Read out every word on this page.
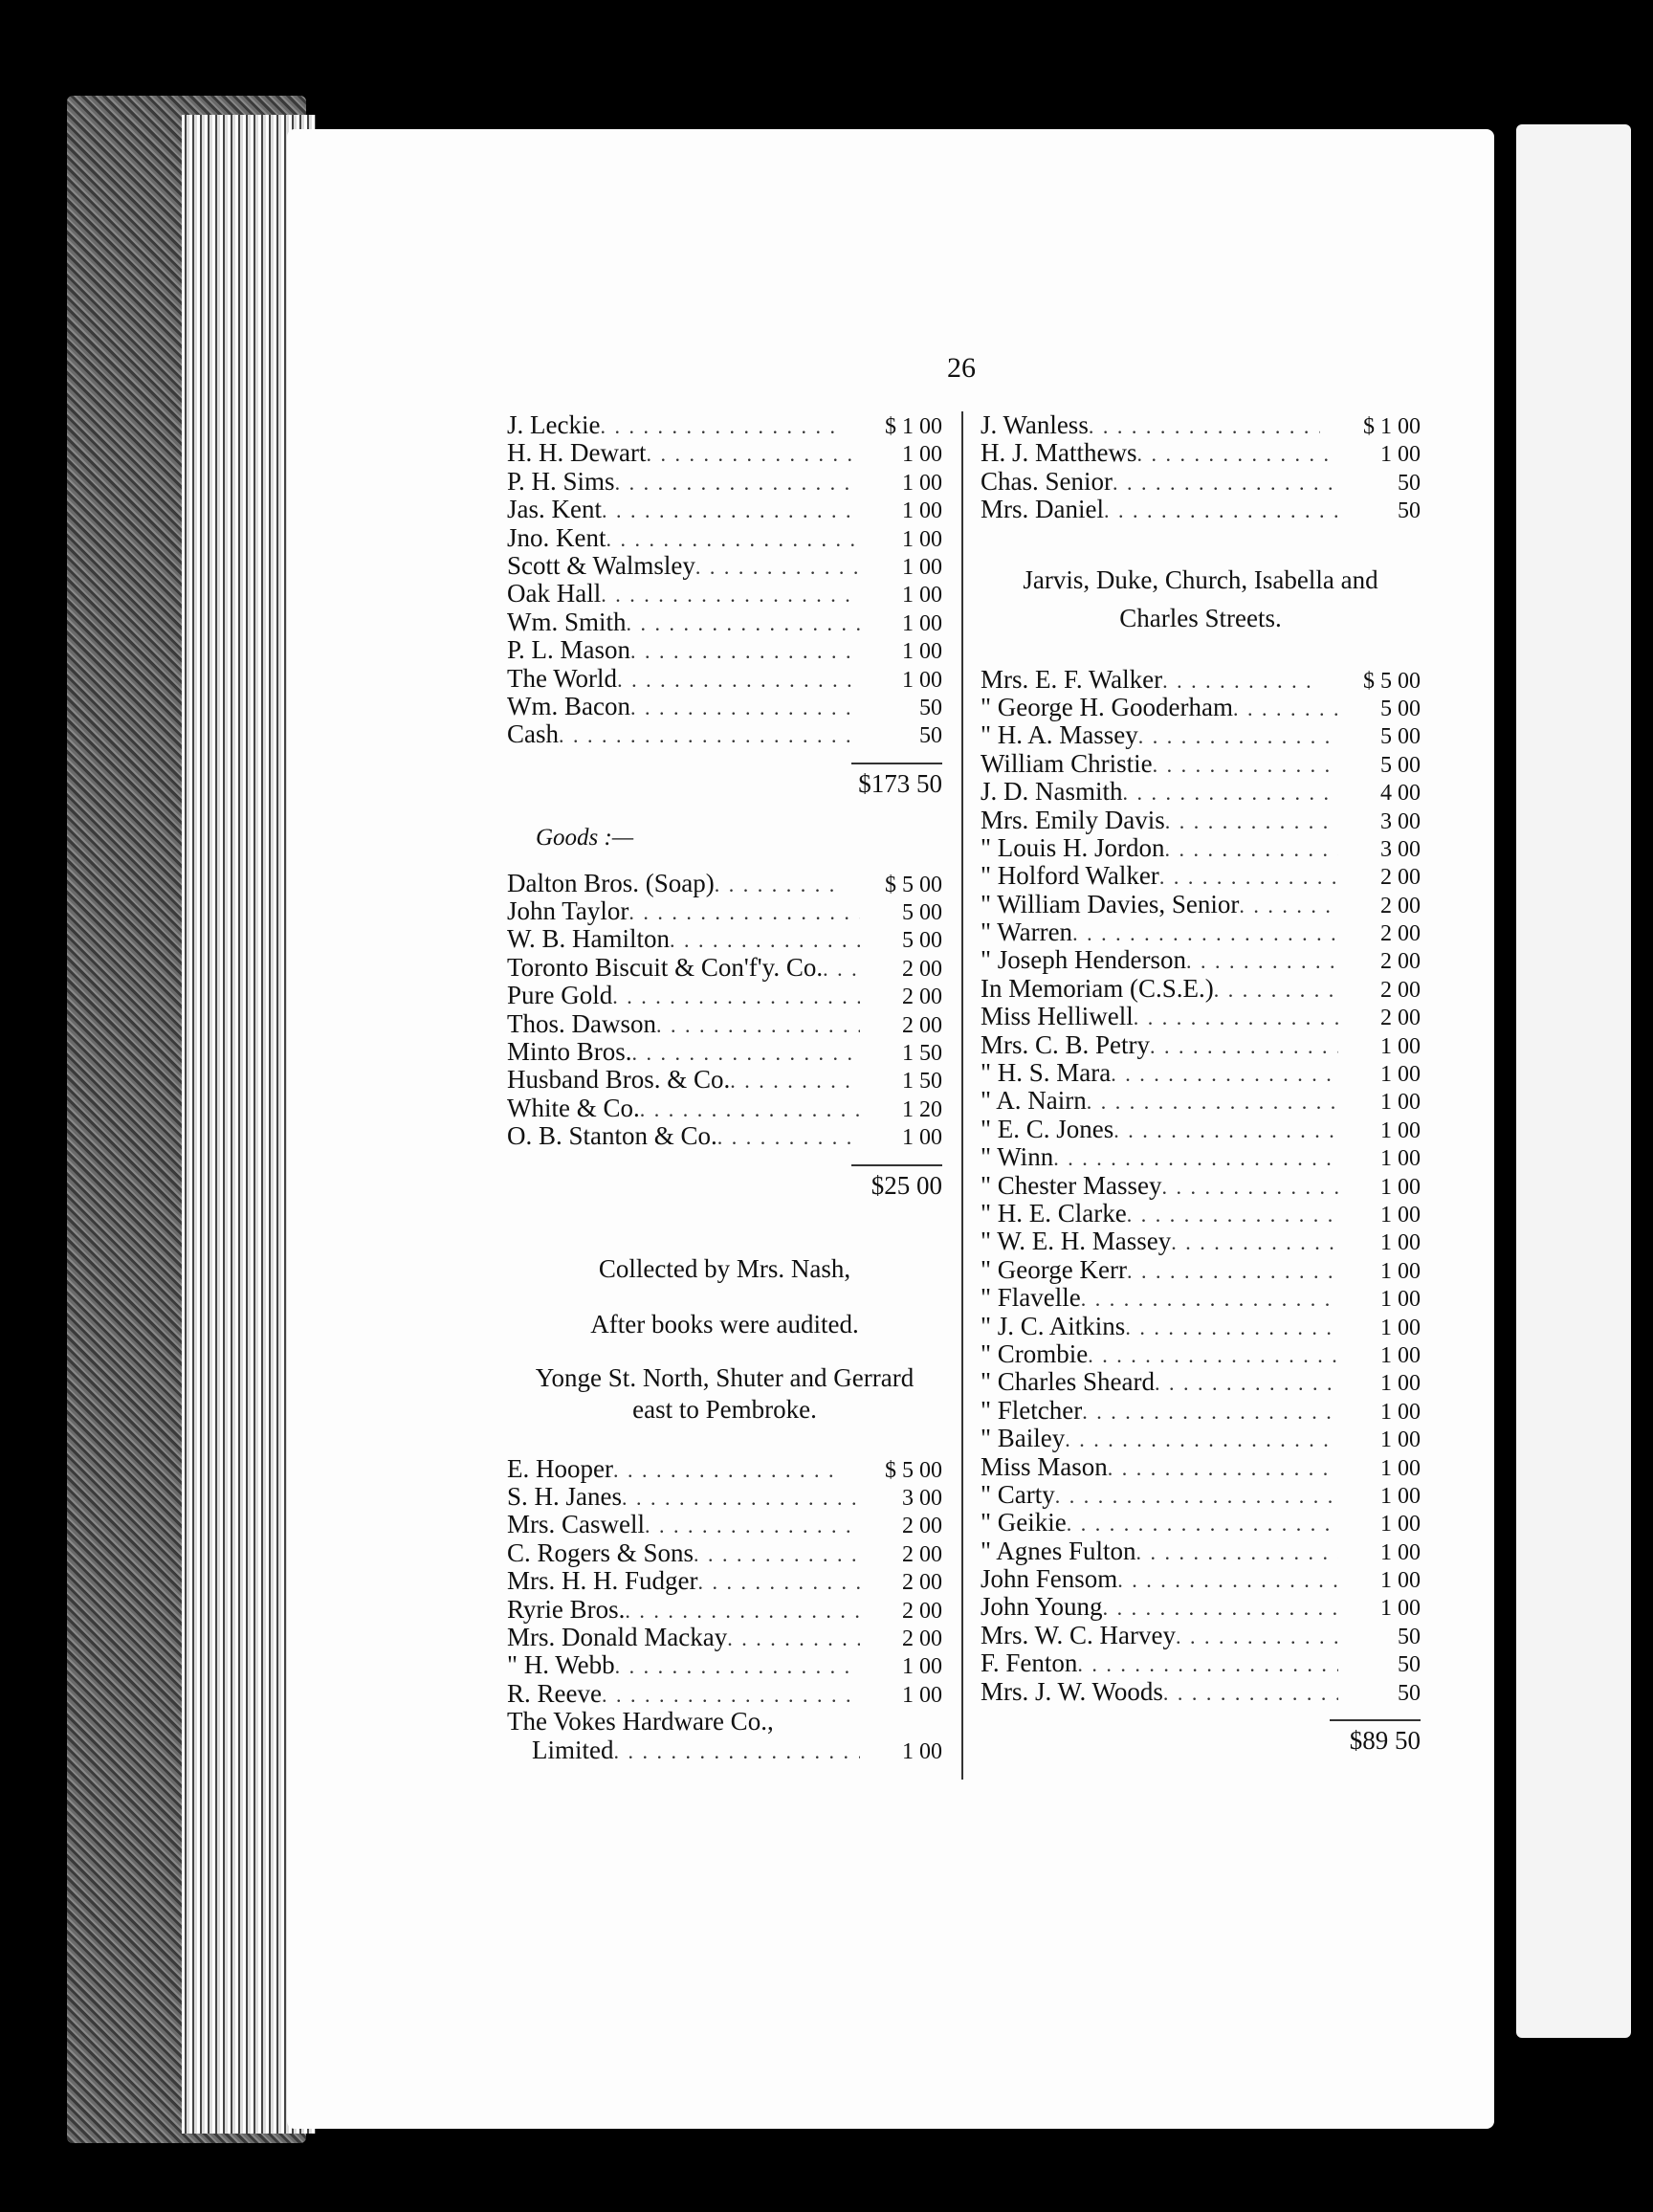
26
J. Leckie . . .	$ 1 00
H. H. Dewart . . .	1 00
P. H. Sims . . .	1 00
Jas. Kent . . .	1 00
Jno. Kent . . .	1 00
Scott & Walmsley . . .	1 00
Oak Hall . . .	1 00
Wm. Smith . . .	1 00
P. L. Mason . . .	1 00
The World . . .	1 00
Wm. Bacon . . .	50
Cash . . .	50
$173 50
Goods :—
Dalton Bros. (Soap) . . .	$ 5 00
John Taylor . . .	5 00
W. B. Hamilton . . .	5 00
Toronto Biscuit & Con'f'y. Co. . . .	2 00
Pure Gold . . .	2 00
Thos. Dawson . . .	2 00
Minto Bros. . . .	1 50
Husband Bros. & Co. . . .	1 50
White & Co. . . .	1 20
O. B. Stanton & Co. . . .	1 00
$25 00
Collected by Mrs. Nash,
After books were audited.
Yonge St. North, Shuter and Gerrard
east to Pembroke.
E. Hooper . . .	$ 5 00
S. H. Janes . . .	3 00
Mrs. Caswell . . .	2 00
C. Rogers & Sons . . .	2 00
Mrs. H. H. Fudger . . .	2 00
Ryrie Bros. . . .	2 00
Mrs. Donald Mackay . . .	2 00
" H. Webb . . .	1 00
R. Reeve . . .	1 00
The Vokes Hardware Co.,
Limited . . .	1 00
J. Wanless . . .	$ 1 00
H. J. Matthews . . .	1 00
Chas. Senior . . .	50
Mrs. Daniel . . .	50
Jarvis, Duke, Church, Isabella and
Charles Streets.
Mrs. E. F. Walker . . .	$ 5 00
" George H. Gooderham . . .	5 00
" H. A. Massey . . .	5 00
William Christie . . .	5 00
J. D. Nasmith . . .	4 00
Mrs. Emily Davis . . .	3 00
" Louis H. Jordon . . .	3 00
" Holford Walker . . .	2 00
" William Davies, Senior . . .	2 00
" Warren . . .	2 00
" Joseph Henderson . . .	2 00
In Memoriam (C.S.E.) . . .	2 00
Miss Helliwell . . .	2 00
Mrs. C. B. Petry . . .	1 00
" H. S. Mara . . .	1 00
" A. Nairn . . .	1 00
" E. C. Jones . . .	1 00
" Winn . . .	1 00
" Chester Massey . . .	1 00
" H. E. Clarke . . .	1 00
" W. E. H. Massey . . .	1 00
" George Kerr . . .	1 00
" Flavelle . . .	1 00
" J. C. Aitkins . . .	1 00
" Crombie . . .	1 00
" Charles Sheard . . .	1 00
" Fletcher . . .	1 00
" Bailey . . .	1 00
Miss Mason . . .	1 00
" Carty . . .	1 00
" Geikie . . .	1 00
" Agnes Fulton . . .	1 00
John Fensom . . .	1 00
John Young . . .	1 00
Mrs. W. C. Harvey . . .	50
F. Fenton . . .	50
Mrs. J. W. Woods . . .	50
$89 50
